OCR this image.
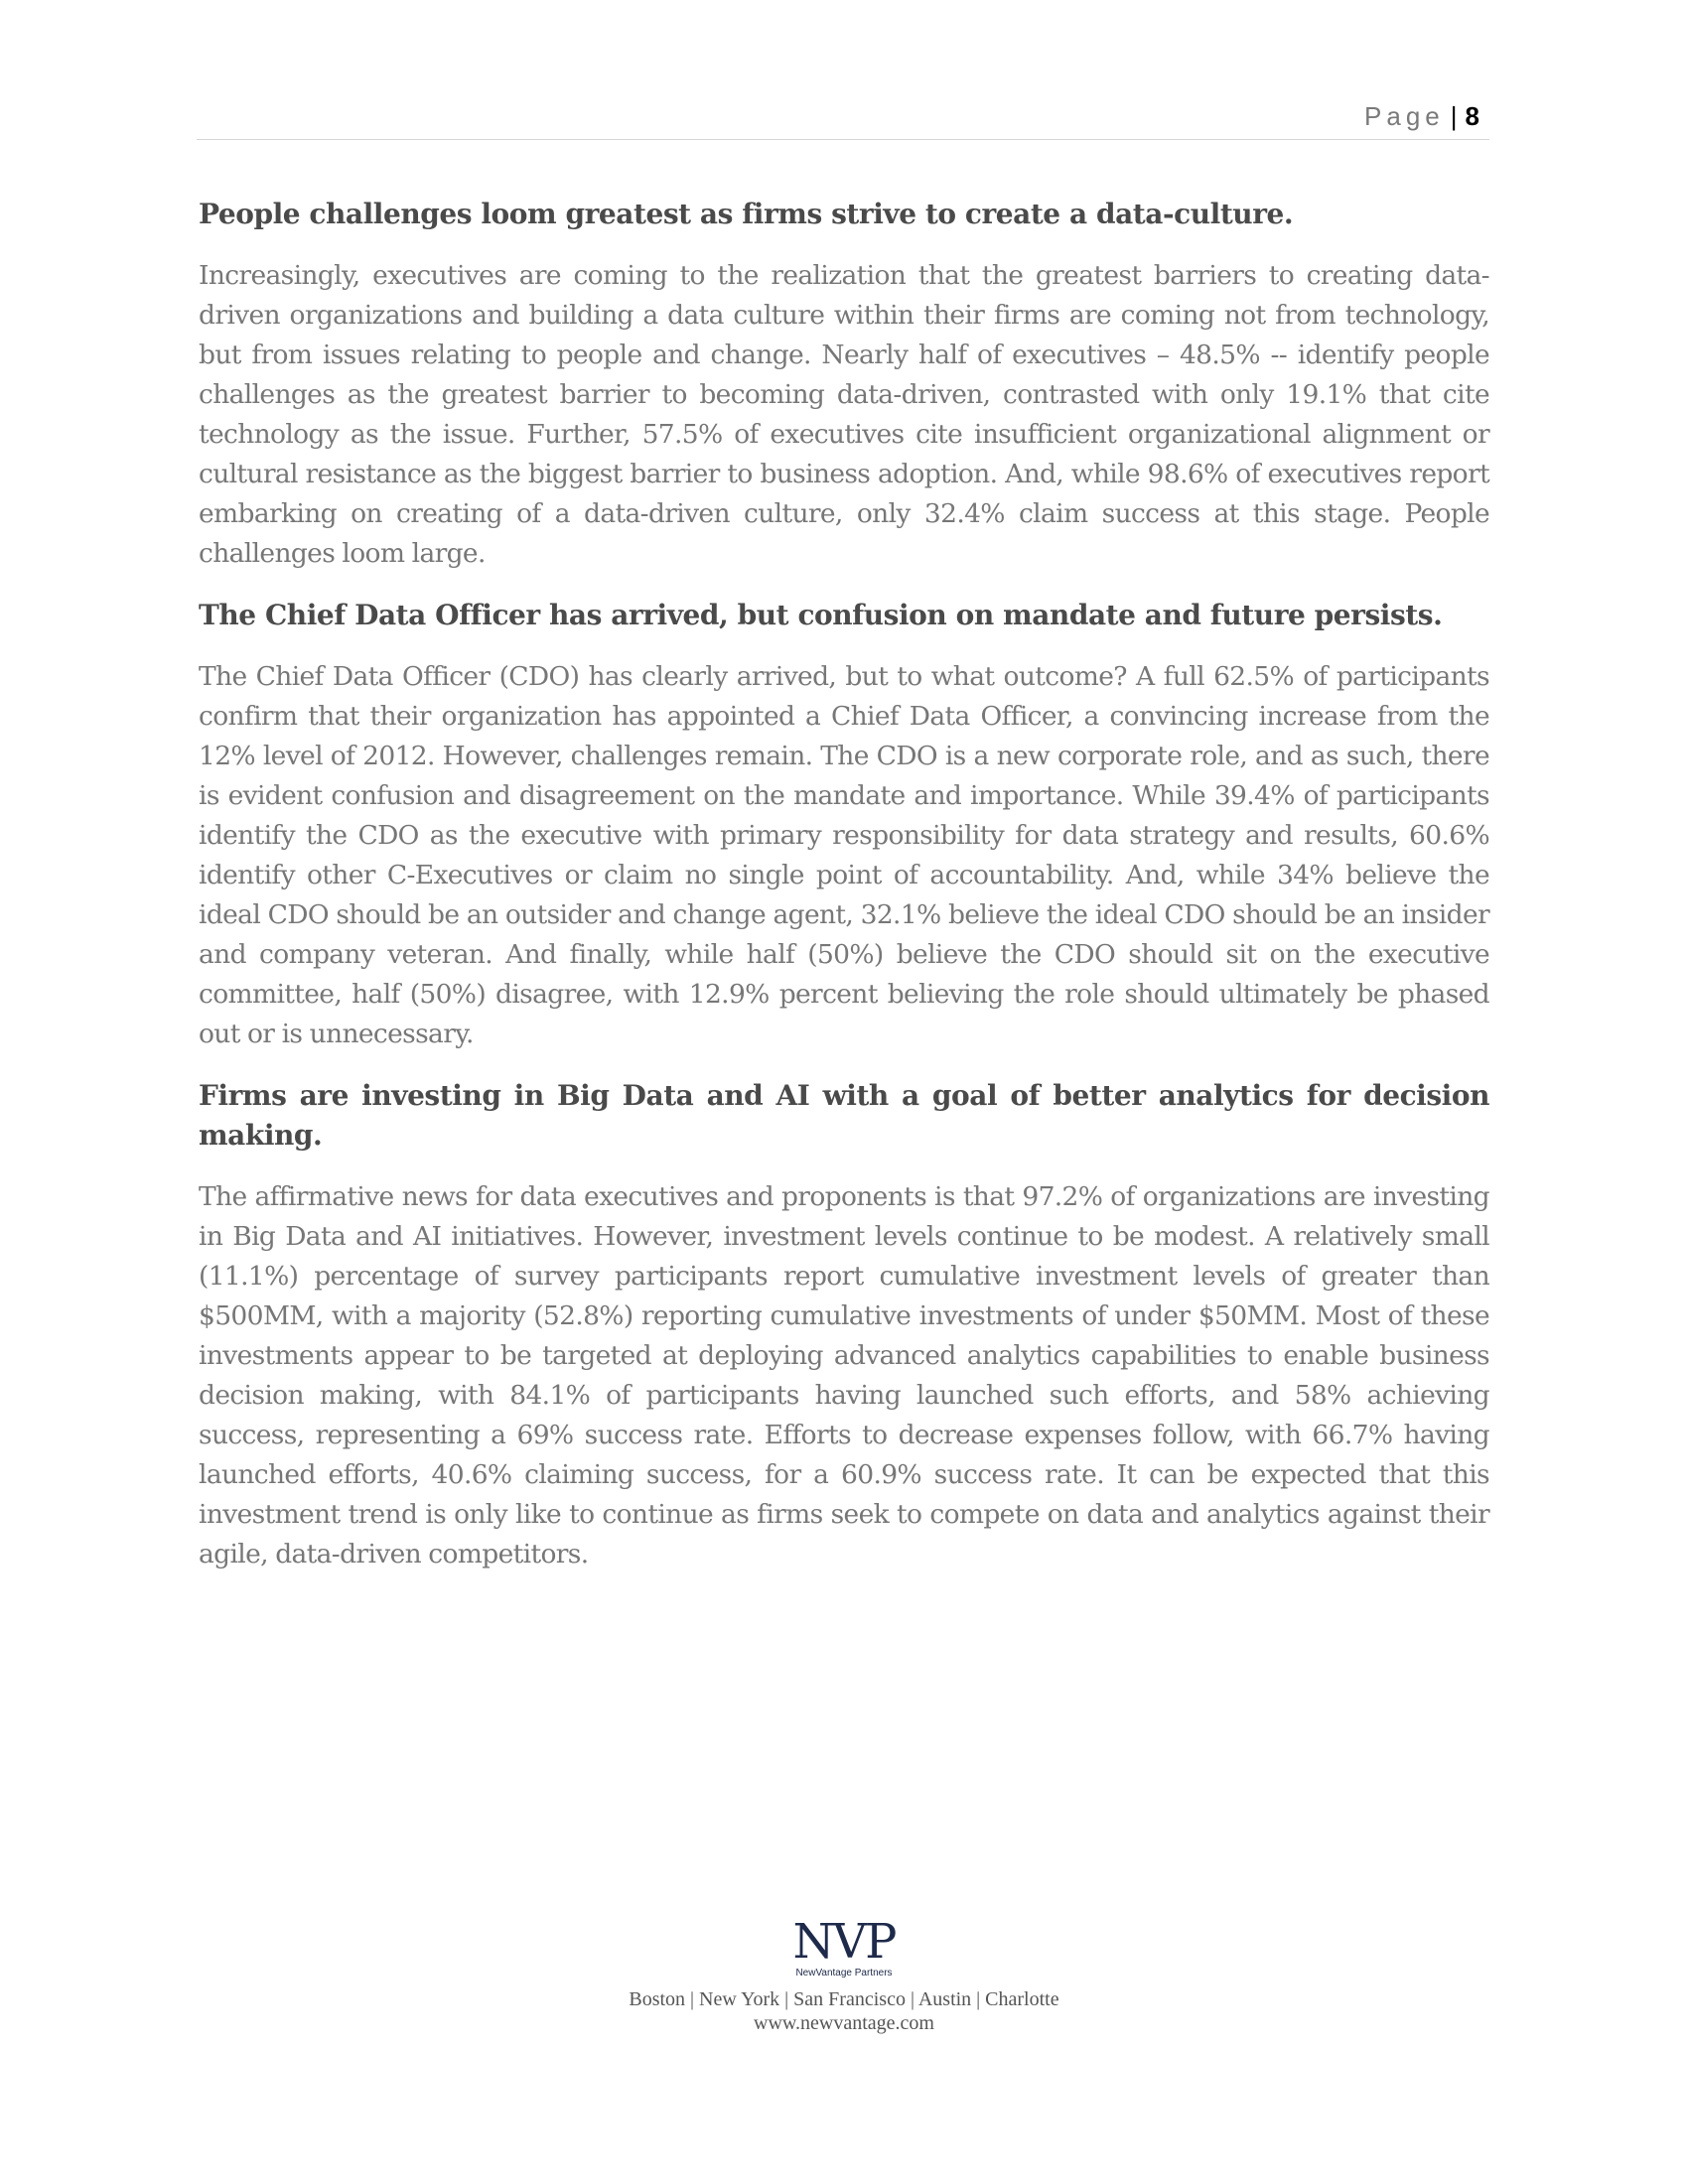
Page | 8
People challenges loom greatest as firms strive to create a data-culture.

Increasingly, executives are coming to the realization that the greatest barriers to creating data-driven organizations and building a data culture within their firms are coming not from technology, but from issues relating to people and change. Nearly half of executives – 48.5% -- identify people challenges as the greatest barrier to becoming data-driven, contrasted with only 19.1% that cite technology as the issue. Further, 57.5% of executives cite insufficient organizational alignment or cultural resistance as the biggest barrier to business adoption. And, while 98.6% of executives report embarking on creating of a data-driven culture, only 32.4% claim success at this stage. People challenges loom large.

The Chief Data Officer has arrived, but confusion on mandate and future persists.

The Chief Data Officer (CDO) has clearly arrived, but to what outcome? A full 62.5% of participants confirm that their organization has appointed a Chief Data Officer, a convincing increase from the 12% level of 2012. However, challenges remain. The CDO is a new corporate role, and as such, there is evident confusion and disagreement on the mandate and importance. While 39.4% of participants identify the CDO as the executive with primary responsibility for data strategy and results, 60.6% identify other C-Executives or claim no single point of accountability. And, while 34% believe the ideal CDO should be an outsider and change agent, 32.1% believe the ideal CDO should be an insider and company veteran. And finally, while half (50%) believe the CDO should sit on the executive committee, half (50%) disagree, with 12.9% percent believing the role should ultimately be phased out or is unnecessary.

Firms are investing in Big Data and AI with a goal of better analytics for decision making.

The affirmative news for data executives and proponents is that 97.2% of organizations are investing in Big Data and AI initiatives. However, investment levels continue to be modest. A relatively small (11.1%) percentage of survey participants report cumulative investment levels of greater than $500MM, with a majority (52.8%) reporting cumulative investments of under $50MM. Most of these investments appear to be targeted at deploying advanced analytics capabilities to enable business decision making, with 84.1% of participants having launched such efforts, and 58% achieving success, representing a 69% success rate. Efforts to decrease expenses follow, with 66.7% having launched efforts, 40.6% claiming success, for a 60.9% success rate. It can be expected that this investment trend is only like to continue as firms seek to compete on data and analytics against their agile, data-driven competitors.

NVP
NewVantage Partners
Boston | New York | San Francisco | Austin | Charlotte
www.newvantage.com
